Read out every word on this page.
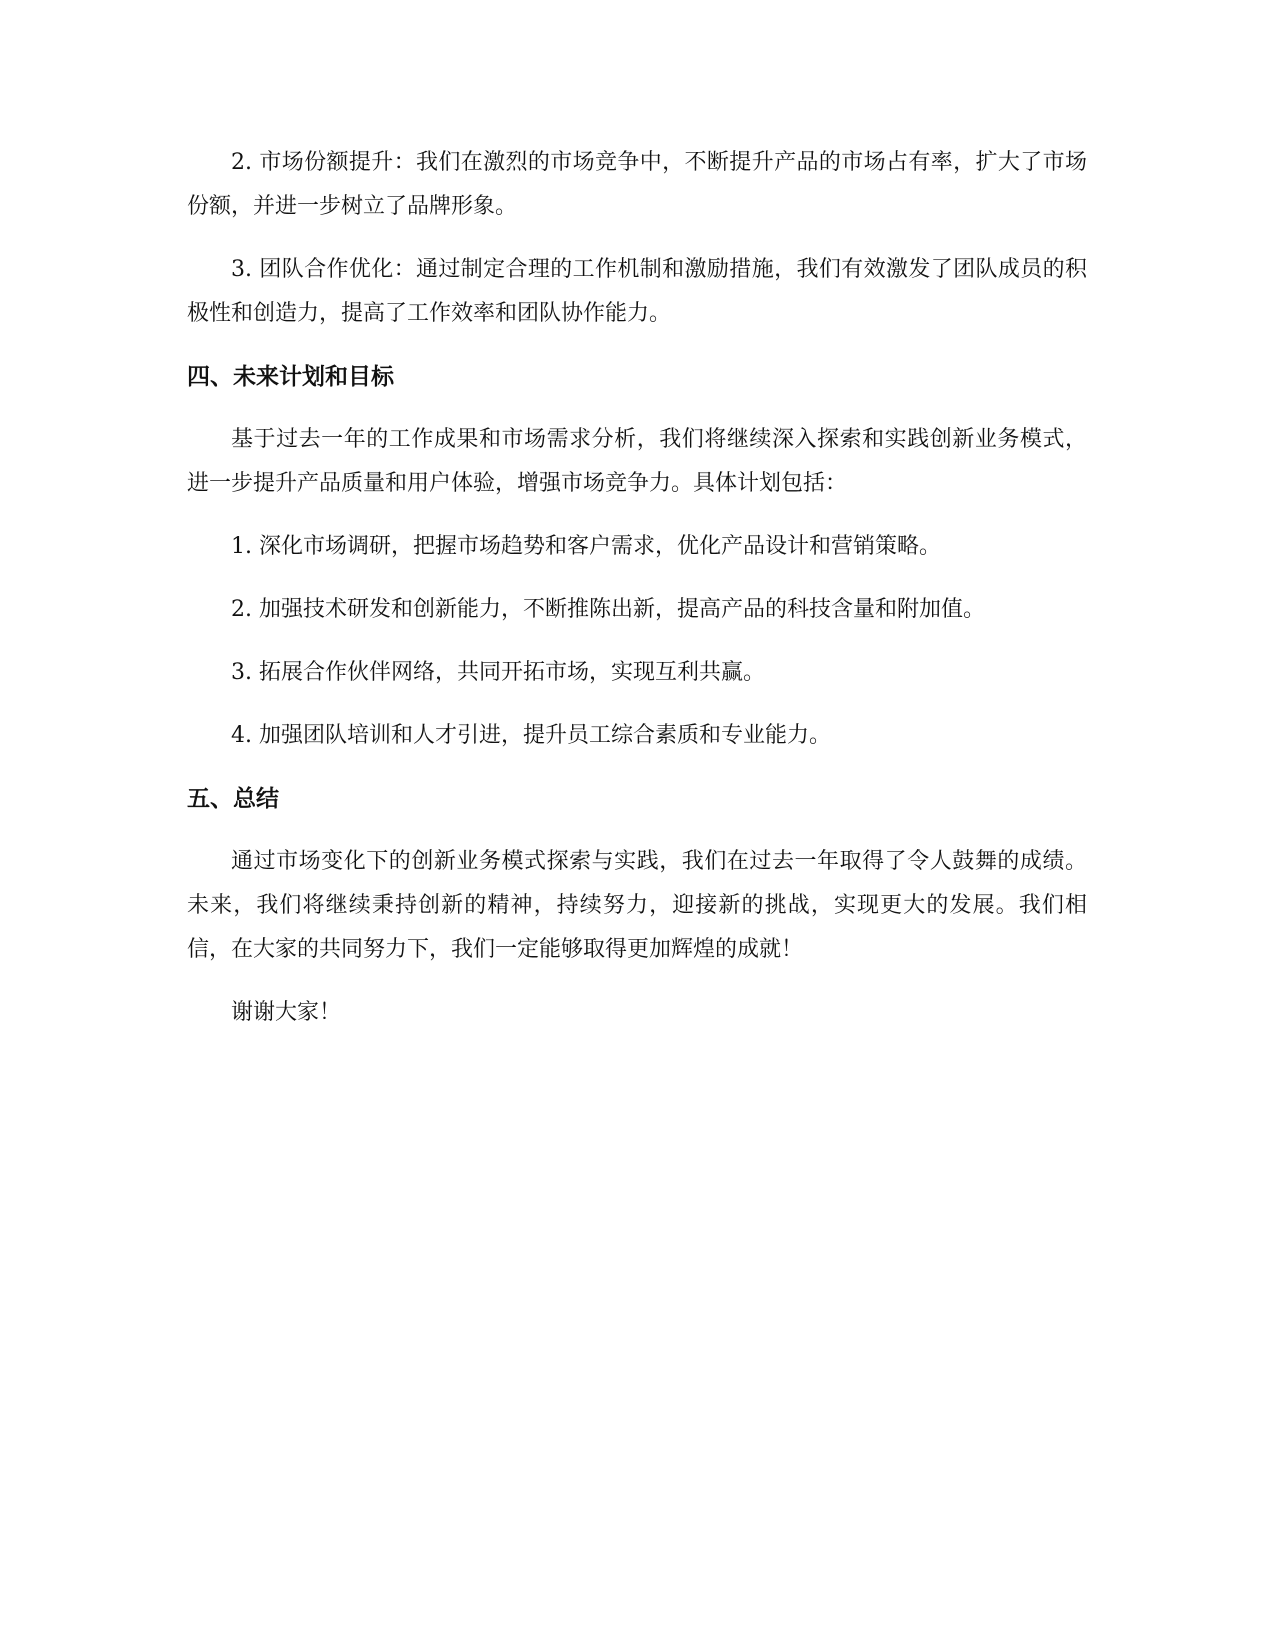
2. 市场份额提升：我们在激烈的市场竞争中，不断提升产品的市场占有率，扩大了市场份额，并进一步树立了品牌形象。

3. 团队合作优化：通过制定合理的工作机制和激励措施，我们有效激发了团队成员的积极性和创造力，提高了工作效率和团队协作能力。

四、未来计划和目标

基于过去一年的工作成果和市场需求分析，我们将继续深入探索和实践创新业务模式，进一步提升产品质量和用户体验，增强市场竞争力。具体计划包括：

1. 深化市场调研，把握市场趋势和客户需求，优化产品设计和营销策略。

2. 加强技术研发和创新能力，不断推陈出新，提高产品的科技含量和附加值。

3. 拓展合作伙伴网络，共同开拓市场，实现互利共赢。

4. 加强团队培训和人才引进，提升员工综合素质和专业能力。

五、总结

通过市场变化下的创新业务模式探索与实践，我们在过去一年取得了令人鼓舞的成绩。未来，我们将继续秉持创新的精神，持续努力，迎接新的挑战，实现更大的发展。我们相信，在大家的共同努力下，我们一定能够取得更加辉煌的成就！

谢谢大家！
